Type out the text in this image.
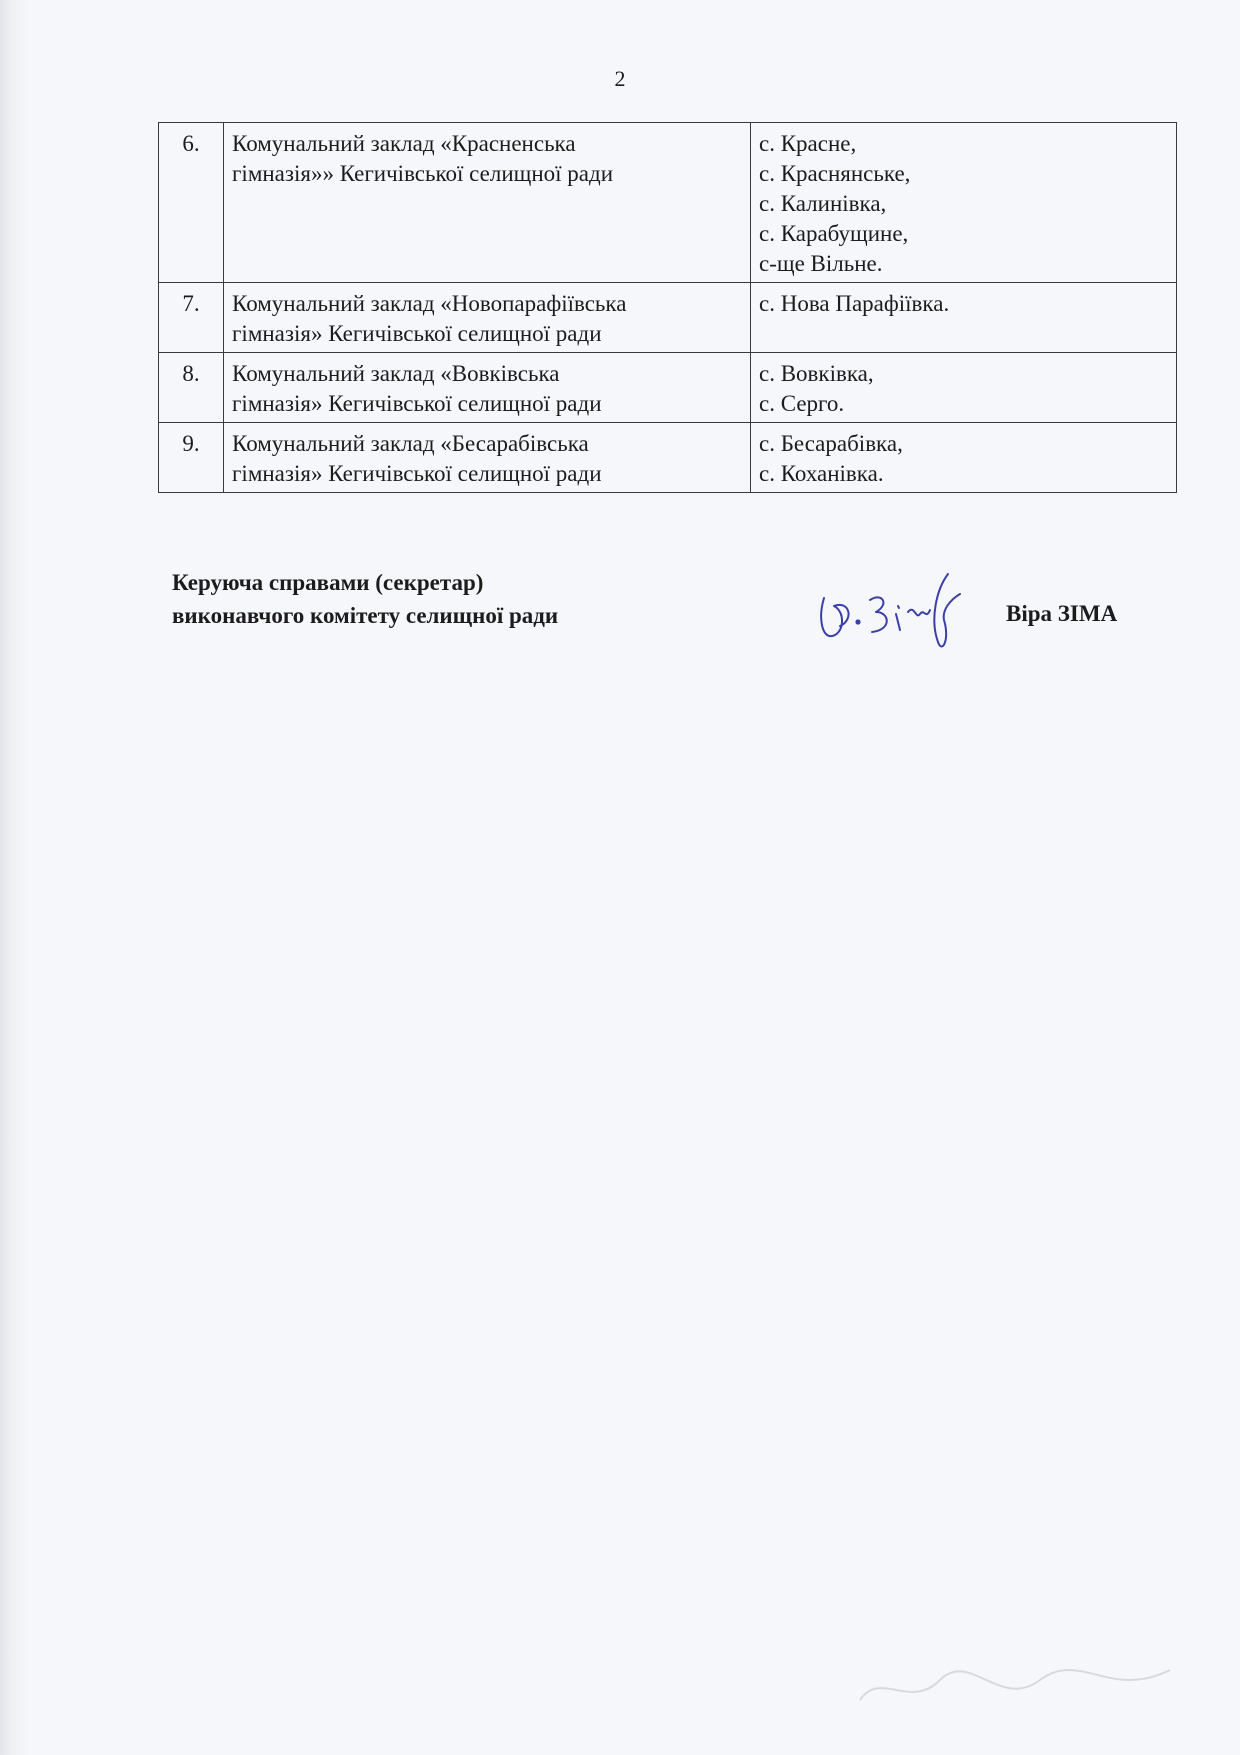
2
6.	Комунальний заклад «Красненська
гімназія»» Кегичівської селищної ради	с. Красне,
с. Краснянське,
с. Калинівка,
с. Карабущине,
с-ще Вільне.

7.	Комунальний заклад «Новопарафіївська
гімназія» Кегичівської селищної ради	с. Нова Парафіївка.

8.	Комунальний заклад «Вовківська
гімназія» Кегичівської селищної ради	с. Вовківка,
с. Серго.

9.	Комунальний заклад «Бесарабівська
гімназія» Кегичівської селищної ради	с. Бесарабівка,
с. Коханівка.
Керуюча справами (секретар)
виконавчого комітету селищної ради	Віра ЗІМА
